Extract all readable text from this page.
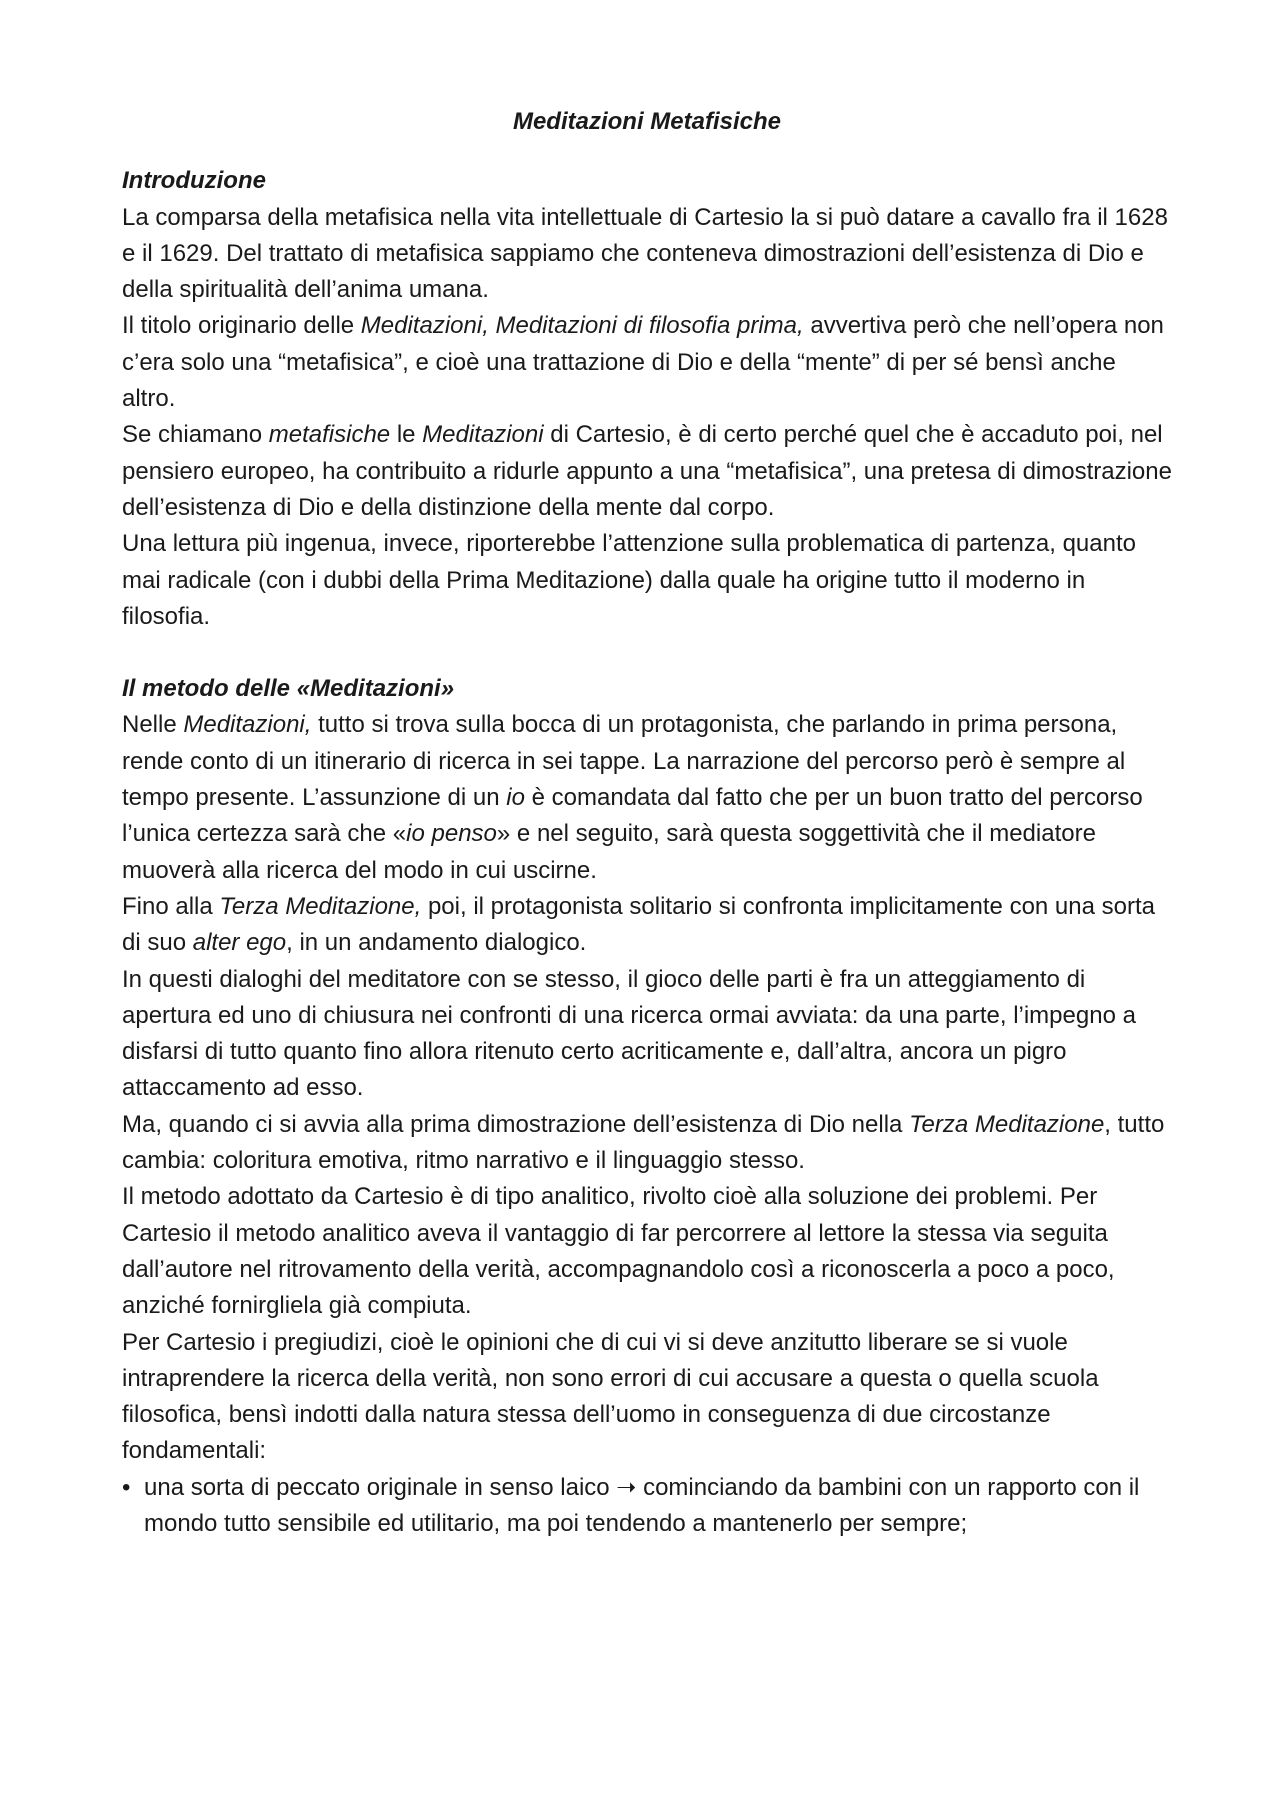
Meditazioni Metafisiche
Introduzione

La comparsa della metafisica nella vita intellettuale di Cartesio la si può datare a cavallo fra il 1628 e il 1629. Del trattato di metafisica sappiamo che conteneva dimostrazioni dell’esistenza di Dio e della spiritualità dell’anima umana.

Il titolo originario delle Meditazioni, Meditazioni di filosofia prima, avvertiva però che nell’opera non c’era solo una “metafisica”, e cioè una trattazione di Dio e della “mente” di per sé bensì anche altro.

Se chiamano metafisiche le Meditazioni di Cartesio, è di certo perché quel che è accaduto poi, nel pensiero europeo, ha contribuito a ridurle appunto a una “metafisica”, una pretesa di dimostrazione dell’esistenza di Dio e della distinzione della mente dal corpo.

Una lettura più ingenua, invece, riporterebbe l’attenzione sulla problematica di partenza, quanto mai radicale (con i dubbi della Prima Meditazione) dalla quale ha origine tutto il moderno in filosofia.

Il metodo delle «Meditazioni»

Nelle Meditazioni, tutto si trova sulla bocca di un protagonista, che parlando in prima persona, rende conto di un itinerario di ricerca in sei tappe. La narrazione del percorso però è sempre al tempo presente. L’assunzione di un io è comandata dal fatto che per un buon tratto del percorso l’unica certezza sarà che «io penso» e nel seguito, sarà questa soggettività che il mediatore muoverà alla ricerca del modo in cui uscirne.

Fino alla Terza Meditazione, poi, il protagonista solitario si confronta implicitamente con una sorta di suo alter ego, in un andamento dialogico.

In questi dialoghi del meditatore con se stesso, il gioco delle parti è fra un atteggiamento di apertura ed uno di chiusura nei confronti di una ricerca ormai avviata: da una parte, l’impegno a disfarsi di tutto quanto fino allora ritenuto certo acriticamente e, dall’altra, ancora un pigro attaccamento ad esso.

Ma, quando ci si avvia alla prima dimostrazione dell’esistenza di Dio nella Terza Meditazione, tutto cambia: coloritura emotiva, ritmo narrativo e il linguaggio stesso.

Il metodo adottato da Cartesio è di tipo analitico, rivolto cioè alla soluzione dei problemi. Per Cartesio il metodo analitico aveva il vantaggio di far percorrere al lettore la stessa via seguita dall’autore nel ritrovamento della verità, accompagnandolo così a riconoscerla a poco a poco, anziché fornirgliela già compiuta.

Per Cartesio i pregiudizi, cioè le opinioni che di cui vi si deve anzitutto liberare se si vuole intraprendere la ricerca della verità, non sono errori di cui accusare a questa o quella scuola filosofica, bensì indotti dalla natura stessa dell’uomo in conseguenza di due circostanze fondamentali:

• una sorta di peccato originale in senso laico ➝ cominciando da bambini con un rapporto con il mondo tutto sensibile ed utilitario, ma poi tendendo a mantenerlo per sempre;
